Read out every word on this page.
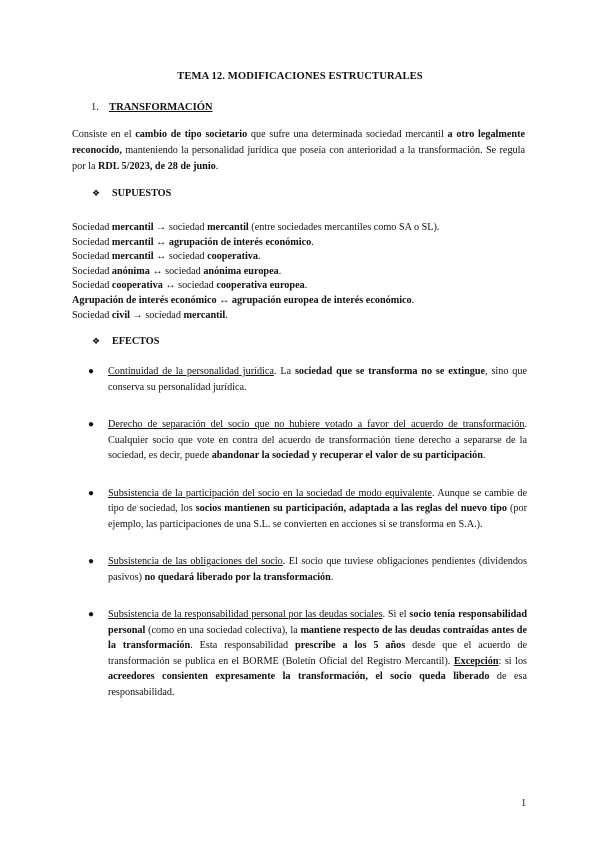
TEMA 12. MODIFICACIONES ESTRUCTURALES
1. TRANSFORMACIÓN
Consiste en el cambio de tipo societario que sufre una determinada sociedad mercantil a otro legalmente reconocido, manteniendo la personalidad jurídica que poseía con anterioridad a la transformación. Se regula por la RDL 5/2023, de 28 de junio.
❖ SUPUESTOS
Sociedad mercantil → sociedad mercantil (entre sociedades mercantiles como SA o SL).
Sociedad mercantil ↔ agrupación de interés económico.
Sociedad mercantil ↔ sociedad cooperativa.
Sociedad anónima ↔ sociedad anónima europea.
Sociedad cooperativa ↔ sociedad cooperativa europea.
Agrupación de interés económico ↔ agrupación europea de interés económico.
Sociedad civil → sociedad mercantil.
❖ EFECTOS
● Continuidad de la personalidad jurídica. La sociedad que se transforma no se extingue, sino que conserva su personalidad jurídica.
● Derecho de separación del socio que no hubiere votado a favor del acuerdo de transformación. Cualquier socio que vote en contra del acuerdo de transformación tiene derecho a separarse de la sociedad, es decir, puede abandonar la sociedad y recuperar el valor de su participación.
● Subsistencia de la participación del socio en la sociedad de modo equivalente. Aunque se cambie de tipo de sociedad, los socios mantienen su participación, adaptada a las reglas del nuevo tipo (por ejemplo, las participaciones de una S.L. se convierten en acciones si se transforma en S.A.).
● Subsistencia de las obligaciones del socio. El socio que tuviese obligaciones pendientes (dividendos pasivos) no quedará liberado por la transformación.
● Subsistencia de la responsabilidad personal por las deudas sociales. Si el socio tenía responsabilidad personal (como en una sociedad colectiva), la mantiene respecto de las deudas contraídas antes de la transformación. Esta responsabilidad prescribe a los 5 años desde que el acuerdo de transformación se publica en el BORME (Boletín Oficial del Registro Mercantil). Excepción: si los acreedores consienten expresamente la transformación, el socio queda liberado de esa responsabilidad.
1
